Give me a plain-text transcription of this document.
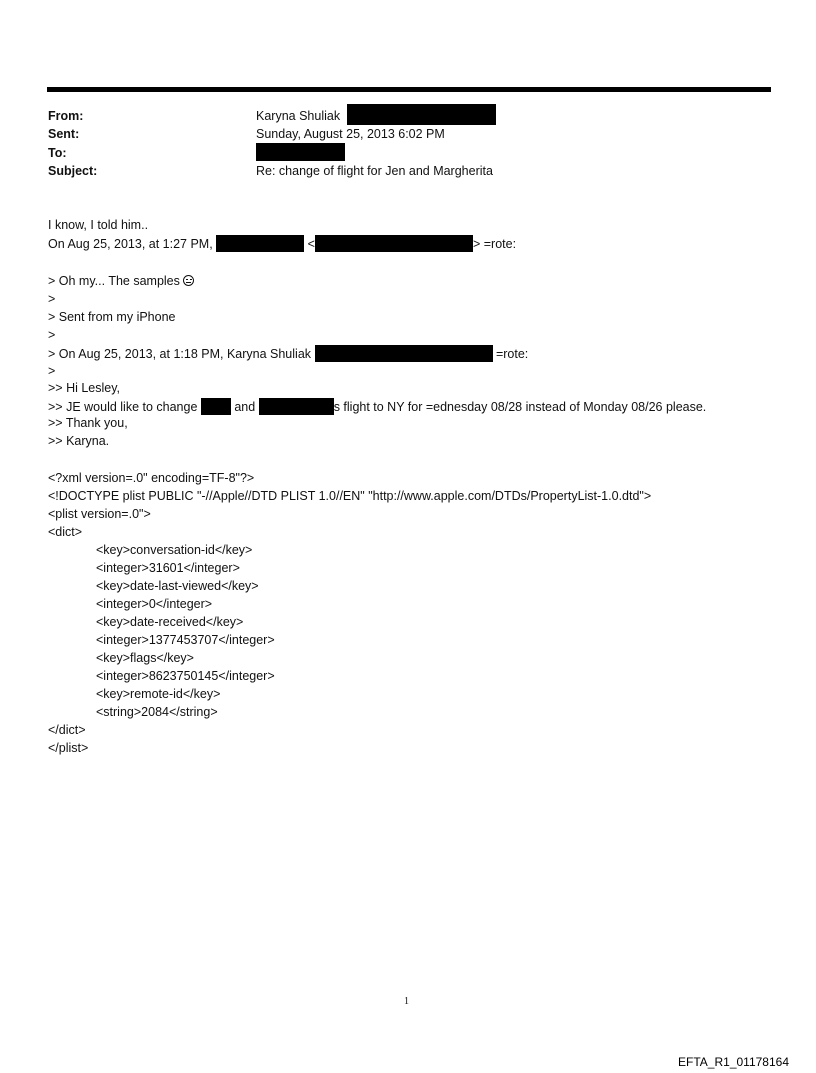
From:	Karyna Shuliak
Sent:	Sunday, August 25, 2013 6:02 PM
To:
Subject:	Re: change of flight for Jen and Margherita
I know, I told him..
On Aug 25, 2013, at 1:27 PM,	<	> =rote:
> Oh my... The samples
>
> Sent from my iPhone
>
> On Aug 25, 2013, at 1:18 PM, Karyna Shuliak	=rote:
>
>> Hi Lesley,
>> JE would like to change  and	s flight to NY for =ednesday 08/28 instead of Monday 08/26 please.
>> Thank you,
>> Karyna.
<?xml version=.0" encoding=TF-8"?>
<!DOCTYPE plist PUBLIC "-//Apple//DTD PLIST 1.0//EN" "http://www.apple.com/DTDs/PropertyList-1.0.dtd">
<plist version=.0">
<dict>
<key>conversation-id</key>
<integer>31601</integer>
<key>date-last-viewed</key>
<integer>0</integer>
<key>date-received</key>
<integer>1377453707</integer>
<key>flags</key>
<integer>8623750145</integer>
<key>remote-id</key>
<string>2084</string>
</dict>
</plist>
1
EFTA_R1_01178164
